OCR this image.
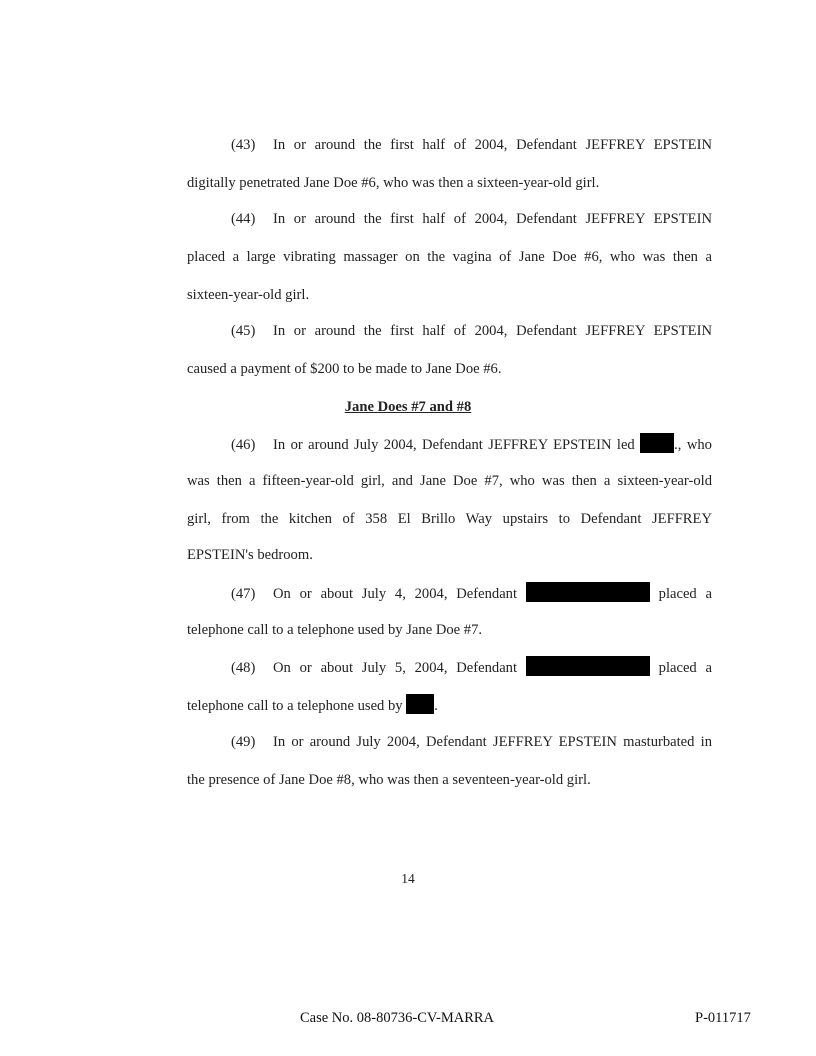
(43) In or around the first half of 2004, Defendant JEFFREY EPSTEIN
digitally penetrated Jane Doe #6, who was then a sixteen-year-old girl.
(44) In or around the first half of 2004, Defendant JEFFREY EPSTEIN
placed a large vibrating massager on the vagina of Jane Doe #6, who was then a
sixteen-year-old girl.
(45) In or around the first half of 2004, Defendant JEFFREY EPSTEIN
caused a payment of $200 to be made to Jane Doe #6.
Jane Does #7 and #8
(46) In or around July 2004, Defendant JEFFREY EPSTEIN led	., who
was then a fifteen-year-old girl, and Jane Doe #7, who was then a sixteen-year-old
girl, from the kitchen of 358 El Brillo Way upstairs to Defendant JEFFREY
EPSTEIN's bedroom.
(47) On or about July 4, 2004, Defendant	placed a
telephone call to a telephone used by Jane Doe #7.
(48) On or about July 5, 2004, Defendant	placed a
telephone call to a telephone used by .
(49) In or around July 2004, Defendant JEFFREY EPSTEIN masturbated in
the presence of Jane Doe #8, who was then a seventeen-year-old girl.
14
Case No. 08-80736-CV-MARRA	P-011717
